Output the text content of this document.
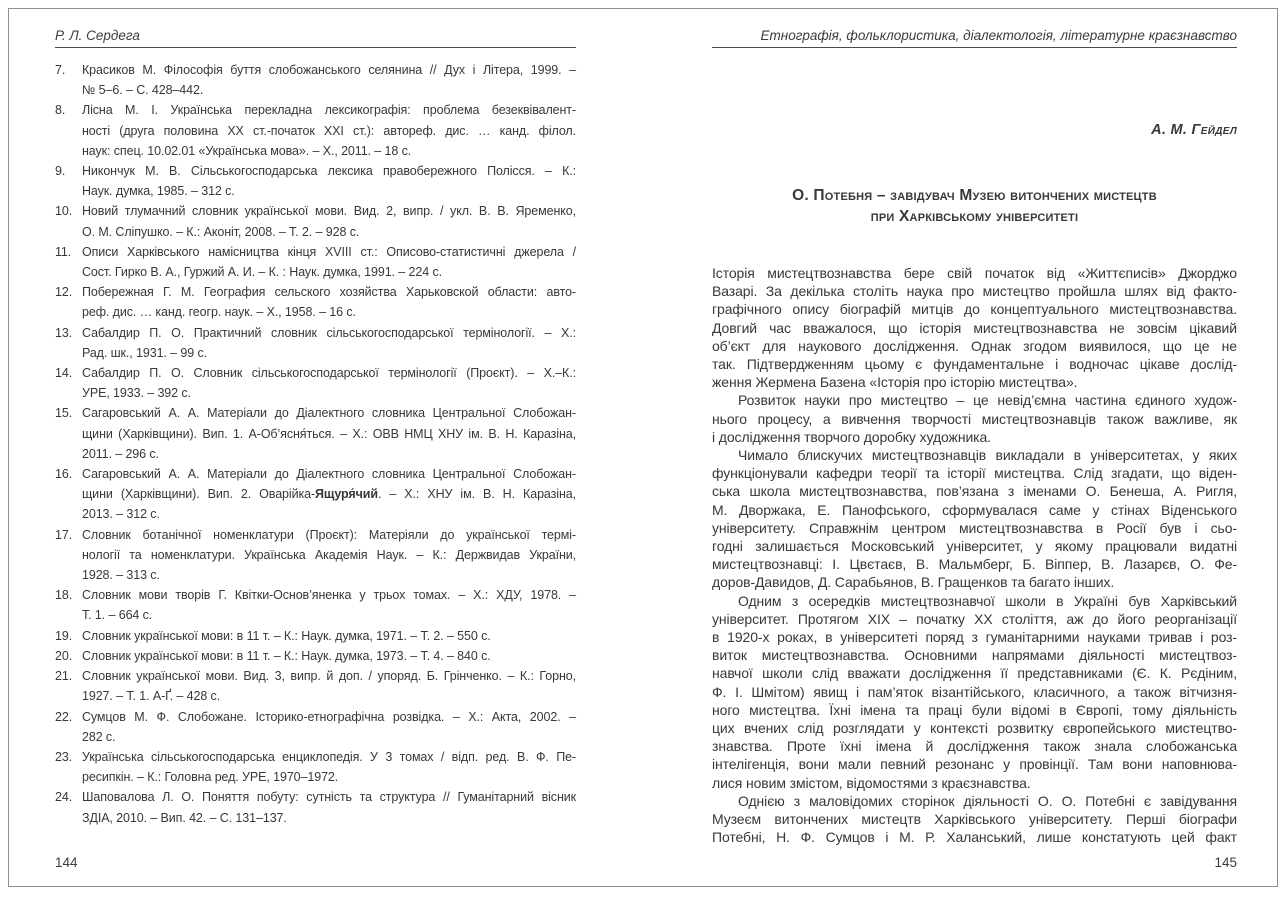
Р. Л. Сердега
7. Красиков М. Філософія буття слобожанського селянина // Дух і Літера, 1999. –
№ 5–6. – С. 428–442.
8. Лісна М. І. Українська перекладна лексикографія: проблема безеквівалент-
ності (друга половина XX ст.-початок XXI ст.): автореф. дис. … канд. філол.
наук: спец. 10.02.01 «Українська мова». – Х., 2011. – 18 с.
9. Никончук М. В. Сільськогосподарська лексика правобережного Полісся. – К.:
Наук. думка, 1985. – 312 с.
10. Новий тлумачний словник української мови. Вид. 2, випр. / укл. В. В. Яременко,
О. М. Сліпушко. – К.: Аконіт, 2008. – Т. 2. – 928 с.
11. Описи Харківського намісництва кінця XVIII ст.: Описово-статистичні джерела /
Сост. Гирко В. А., Гуржий А. И. – К. : Наук. думка, 1991. – 224 с.
12. Побережная Г. М. География сельского хозяйства Харьковской области: авто-
реф. дис. … канд. геогр. наук. – Х., 1958. – 16 с.
13. Сабалдир П. О. Практичний словник сільськогосподарської термінології. – Х.:
Рад. шк., 1931. – 99 с.
14. Сабалдир П. О. Словник сільськогосподарської термінології (Проєкт). – Х.–К.:
УРЕ, 1933. – 392 с.
15. Сагаровський А. А. Матеріали до Діалектного словника Центральної Слобожан-
щини (Харківщини). Вип. 1. А-Об’ясня́ться. – Х.: ОВВ НМЦ ХНУ ім. В. Н. Каразіна,
2011. – 296 с.
16. Сагаровський А. А. Матеріали до Діалектного словника Центральної Слобожан-
щини (Харківщини). Вип. 2. Оварійка-Ящуря́чий. – Х.: ХНУ ім. В. Н. Каразіна,
2013. – 312 с.
17. Словник ботанічної номенклатури (Проєкт): Матеріяли до української термі-
нології та номенклатури. Українська Академія Наук. – К.: Держвидав України,
1928. – 313 с.
18. Словник мови творів Г. Квітки-Основ’яненка у трьох томах. – Х.: ХДУ, 1978. –
Т. 1. – 664 с.
19. Словник української мови: в 11 т. – К.: Наук. думка, 1971. – Т. 2. – 550 с.
20. Словник української мови: в 11 т. – К.: Наук. думка, 1973. – Т. 4. – 840 с.
21. Словник української мови. Вид. 3, випр. й доп. / упоряд. Б. Грінченко. – К.: Горно,
1927. – Т. 1. А-Ґ. – 428 с.
22. Сумцов М. Ф. Слобожане. Історико-етнографічна розвідка. – Х.: Акта, 2002. –
282 с.
23. Українська сільськогосподарська енциклопедія. У 3 томах / відп. ред. В. Ф. Пе-
ресипкін. – К.: Головна ред. УРЕ, 1970–1972.
24. Шаповалова Л. О. Поняття побуту: сутність та структура // Гуманітарний вісник
ЗДІА, 2010. – Вип. 42. – С. 131–137.
144
Етнографія, фольклористика, діалектологія, літературне краєзнавство
А. М. Гейдел
О. Потебня – завідувач Музею витончених мистецтв
при Харківському університеті
Історія мистецтвознавства бере свій початок від «Життєписів» Джорджо
Вазарі. За декілька століть наука про мистецтво пройшла шлях від факто-
графічного опису біографій митців до концептуального мистецтвознавства.
Довгий час вважалося, що історія мистецтвознавства не зовсім цікавий
об’єкт для наукового дослідження. Однак згодом виявилося, що це не
так. Підтвердженням цьому є фундаментальне і водночас цікаве дослід-
ження Жермена Базена «Історія про історію мистецтва».
Розвиток науки про мистецтво – це невід’ємна частина єдиного худож-
нього процесу, а вивчення творчості мистецтвознавців також важливе, як
і дослідження творчого доробку художника.
Чимало блискучих мистецтвознавців викладали в університетах, у яких
функціонували кафедри теорії та історії мистецтва. Слід згадати, що віден-
ська школа мистецтвознавства, пов’язана з іменами О. Бенеша, А. Ригля,
М. Дворжака, Е. Панофського, сформувалася саме у стінах Віденського
університету. Справжнім центром мистецтвознавства в Росії був і сьо-
годні залишається Московський університет, у якому працювали видатні
мистецтвознавці: І. Цвєтаєв, В. Мальмберг, Б. Віппер, В. Лазарєв, О. Фе-
доров-Давидов, Д. Сарабьянов, В. Гращенков та багато інших.
Одним з осередків мистецтвознавчої школи в Україні був Харківський
університет. Протягом XIX – початку XX століття, аж до його реорганізації
в 1920-х роках, в університеті поряд з гуманітарними науками тривав і роз-
виток мистецтвознавства. Основними напрямами діяльності мистецтвоз-
навчої школи слід вважати дослідження її представниками (Є. К. Рєдіним,
Ф. І. Шмітом) явищ і пам’яток візантійського, класичного, а також вітчизня-
ного мистецтва. Їхні імена та праці були відомі в Європі, тому діяльність
цих вчених слід розглядати у контексті розвитку європейського мистецтво-
знавства. Проте їхні імена й дослідження також знала слобожанська
інтелігенція, вони мали певний резонанс у провінції. Там вони наповнюва-
лися новим змістом, відомостями з краєзнавства.
Однією з маловідомих сторінок діяльності О. О. Потебні є завідування
Музеєм витончених мистецтв Харківського університету. Перші біографи
Потебні, Н. Ф. Сумцов і М. Р. Халанський, лише констатують цей факт
145
